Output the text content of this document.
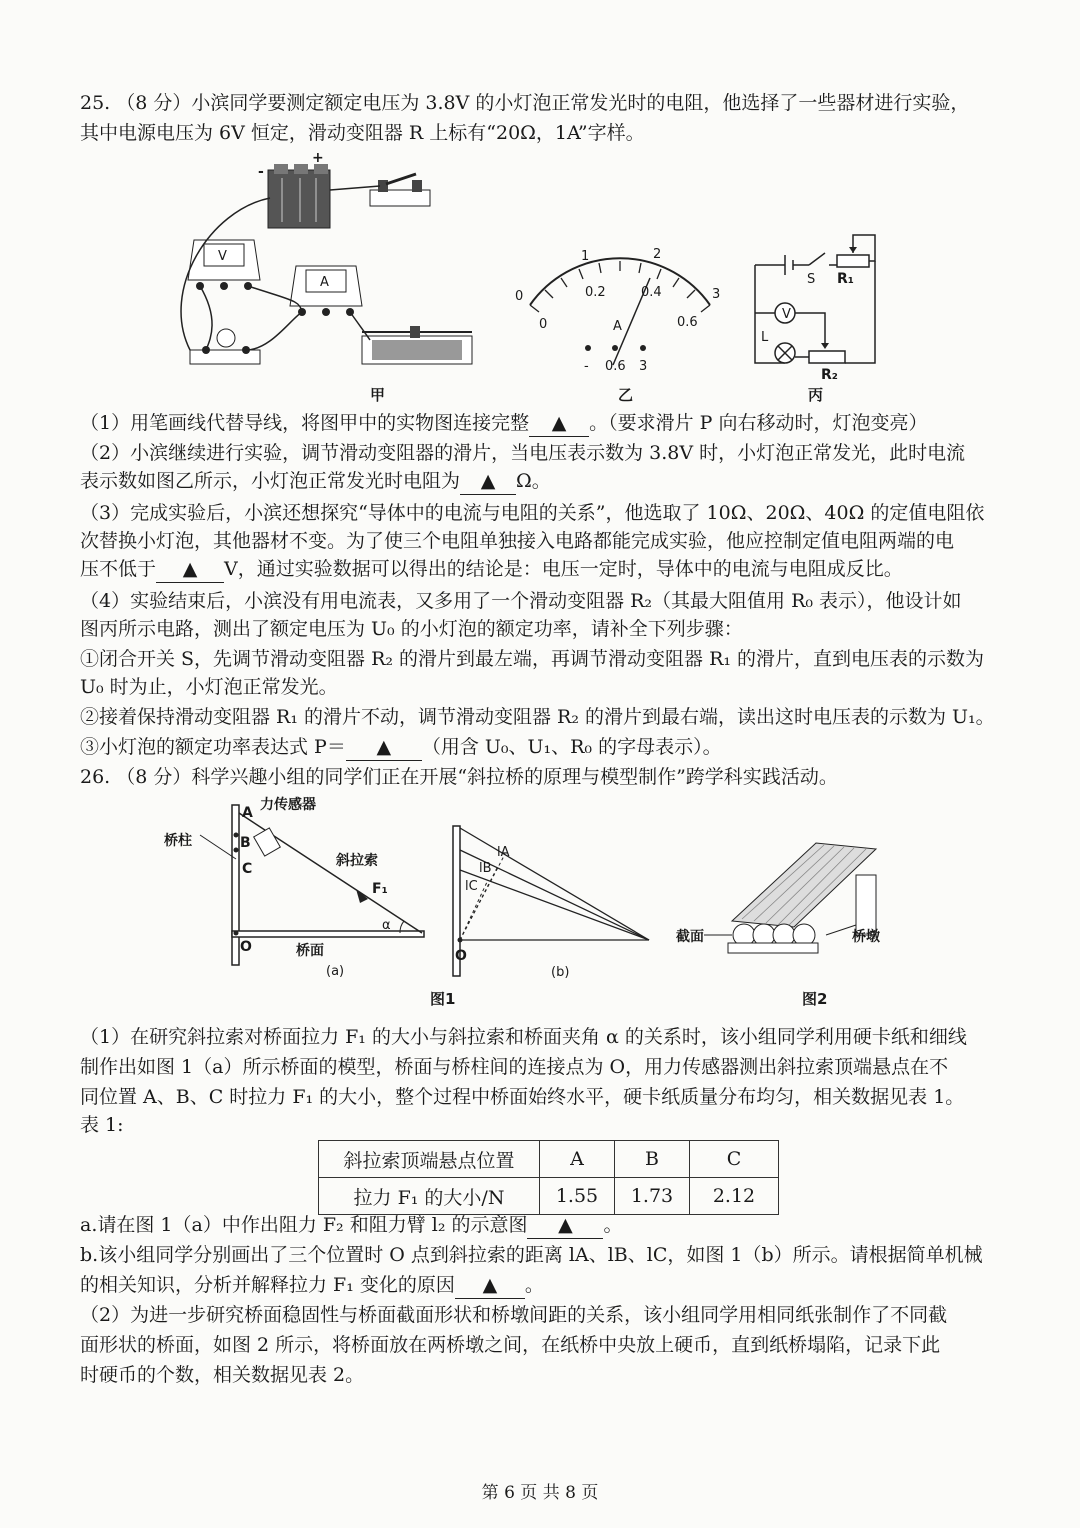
25. （8 分）小滨同学要测定额定电压为 3.8V 的小灯泡正常发光时的电阻，他选择了一些器材进行实验，
其中电源电压为 6V 恒定，滑动变阻器 R 上标有“20Ω，1A”字样。
+
-
V
A
甲
0
1	2
3
0
0.2	0.4
0.6
A
- 0.6 3
乙
V
S R₁
R₂
L
丙
（1）用笔画线代替导线，将图甲中的实物图连接完整 ▲ 。（要求滑片 P 向右移动时，灯泡变亮）
（2）小滨继续进行实验，调节滑动变阻器的滑片，当电压表示数为 3.8V 时，小灯泡正常发光，此时电流
表示数如图乙所示，小灯泡正常发光时电阻为 ▲ Ω。
（3）完成实验后，小滨还想探究“导体中的电流与电阻的关系”，他选取了 10Ω、20Ω、40Ω 的定值电阻依
次替换小灯泡，其他器材不变。为了使三个电阻单独接入电路都能完成实验，他应控制定值电阻两端的电
压不低于 ▲ V，通过实验数据可以得出的结论是：电压一定时，导体中的电流与电阻成反比。
（4）实验结束后，小滨没有用电流表，又多用了一个滑动变阻器 R₂（其最大阻值用 R₀ 表示），他设计如
图丙所示电路，测出了额定电压为 U₀ 的小灯泡的额定功率，请补全下列步骤：
①闭合开关 S，先调节滑动变阻器 R₂ 的滑片到最左端，再调节滑动变阻器 R₁ 的滑片，直到电压表的示数为
U₀ 时为止，小灯泡正常发光。
②接着保持滑动变阻器 R₁ 的滑片不动，调节滑动变阻器 R₂ 的滑片到最右端，读出这时电压表的示数为 U₁。
③小灯泡的额定功率表达式 P＝ ▲ （用含 U₀、U₁、R₀ 的字母表示）。
26. （8 分）科学兴趣小组的同学们正在开展“斜拉桥的原理与模型制作”跨学科实践活动。
A
B
C
O
力传感器
桥柱
斜拉索
桥面
F₁
α
(a)
O
lA
lB
lC
(b)
图1
截面	桥墩
图2
（1）在研究斜拉索对桥面拉力 F₁ 的大小与斜拉索和桥面夹角 α 的关系时，该小组同学利用硬卡纸和细线
制作出如图 1（a）所示桥面的模型，桥面与桥柱间的连接点为 O，用力传感器测出斜拉索顶端悬点在不
同位置 A、B、C 时拉力 F₁ 的大小，整个过程中桥面始终水平，硬卡纸质量分布均匀，相关数据见表 1。
表 1:
斜拉索顶端悬点位置	A	B	C
拉力 F₁ 的大小/N	1.55	1.73	2.12
a.请在图 1（a）中作出阻力 F₂ 和阻力臂 l₂ 的示意图 ▲ 。
b.该小组同学分别画出了三个位置时 O 点到斜拉索的距离 lA、lB、lC，如图 1（b）所示。请根据简单机械
的相关知识，分析并解释拉力 F₁ 变化的原因 ▲ 。
（2）为进一步研究桥面稳固性与桥面截面形状和桥墩间距的关系，该小组同学用相同纸张制作了不同截
面形状的桥面，如图 2 所示，将桥面放在两桥墩之间，在纸桥中央放上硬币，直到纸桥塌陷，记录下此
时硬币的个数，相关数据见表 2。
第 6 页 共 8 页
